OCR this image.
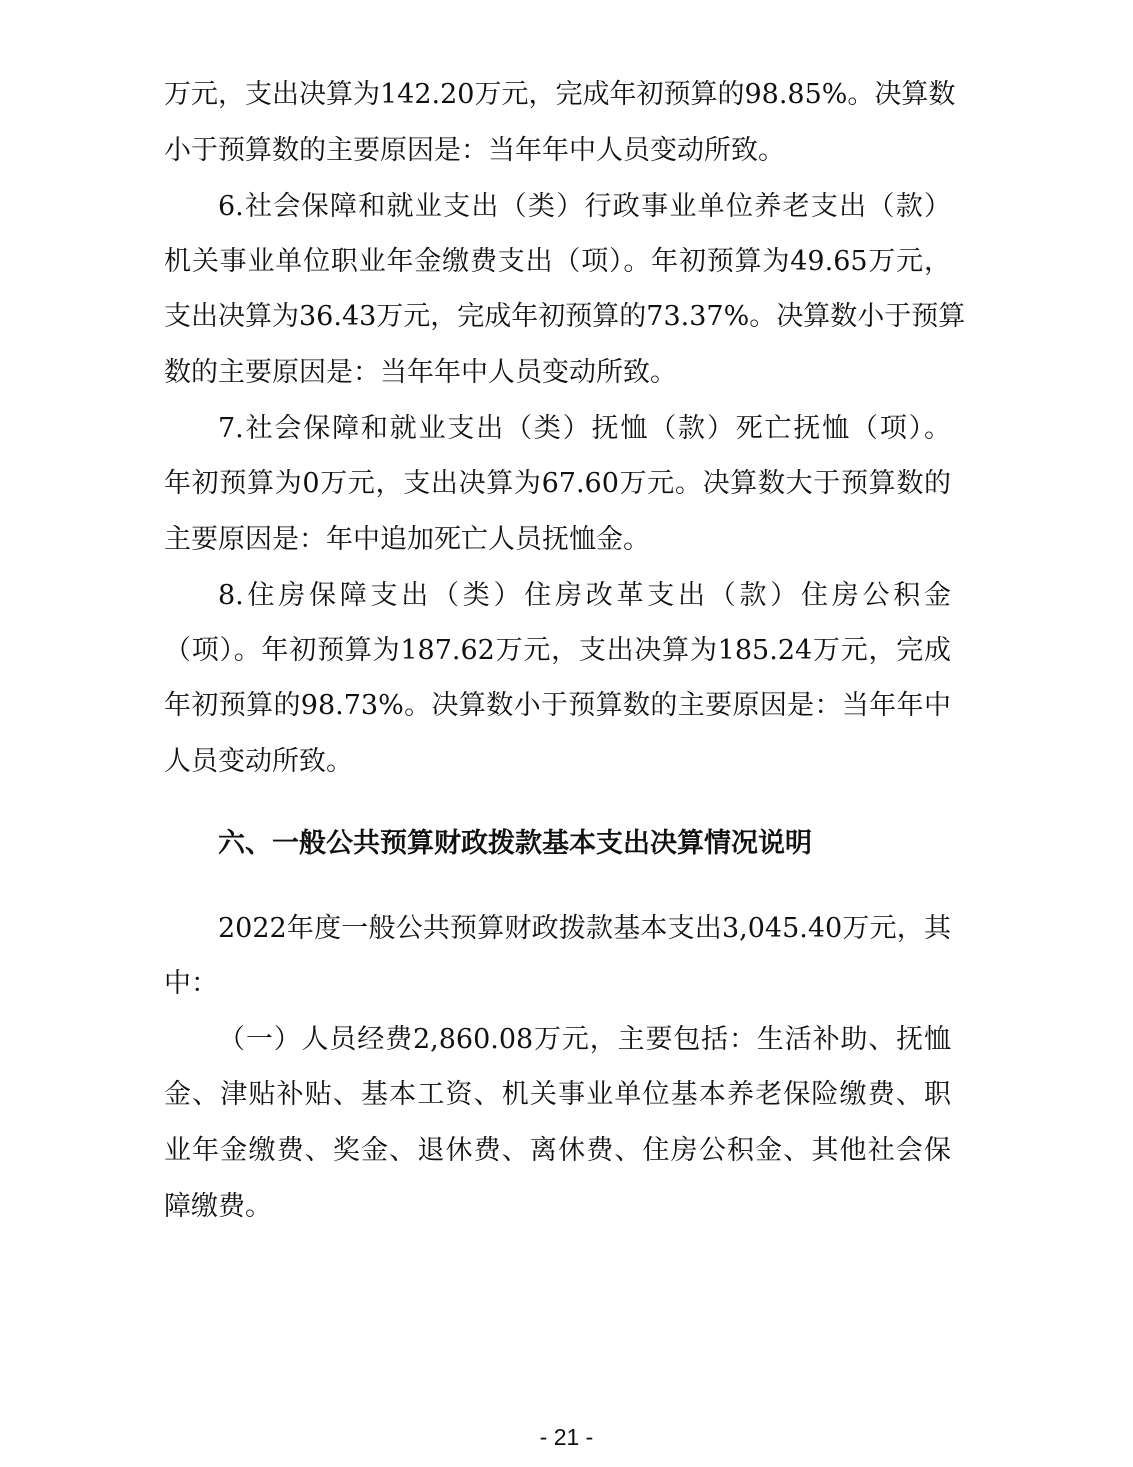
万元，支出决算为142.20万元，完成年初预算的98.85%。决算数
小于预算数的主要原因是：当年年中人员变动所致。
6.社会保障和就业支出（类）行政事业单位养老支出（款）
机关事业单位职业年金缴费支出（项）。年初预算为49.65万元，
支出决算为36.43万元，完成年初预算的73.37%。决算数小于预算
数的主要原因是：当年年中人员变动所致。
7.社会保障和就业支出（类）抚恤（款）死亡抚恤（项）。
年初预算为0万元，支出决算为67.60万元。决算数大于预算数的
主要原因是：年中追加死亡人员抚恤金。
8.住房保障支出（类）住房改革支出（款）住房公积金
（项）。年初预算为187.62万元，支出决算为185.24万元，完成
年初预算的98.73%。决算数小于预算数的主要原因是：当年年中
人员变动所致。
六、一般公共预算财政拨款基本支出决算情况说明
2022年度一般公共预算财政拨款基本支出3,045.40万元，其
中：
（一）人员经费2,860.08万元，主要包括：生活补助、抚恤
金、津贴补贴、基本工资、机关事业单位基本养老保险缴费、职
业年金缴费、奖金、退休费、离休费、住房公积金、其他社会保
障缴费。
- 21 -
